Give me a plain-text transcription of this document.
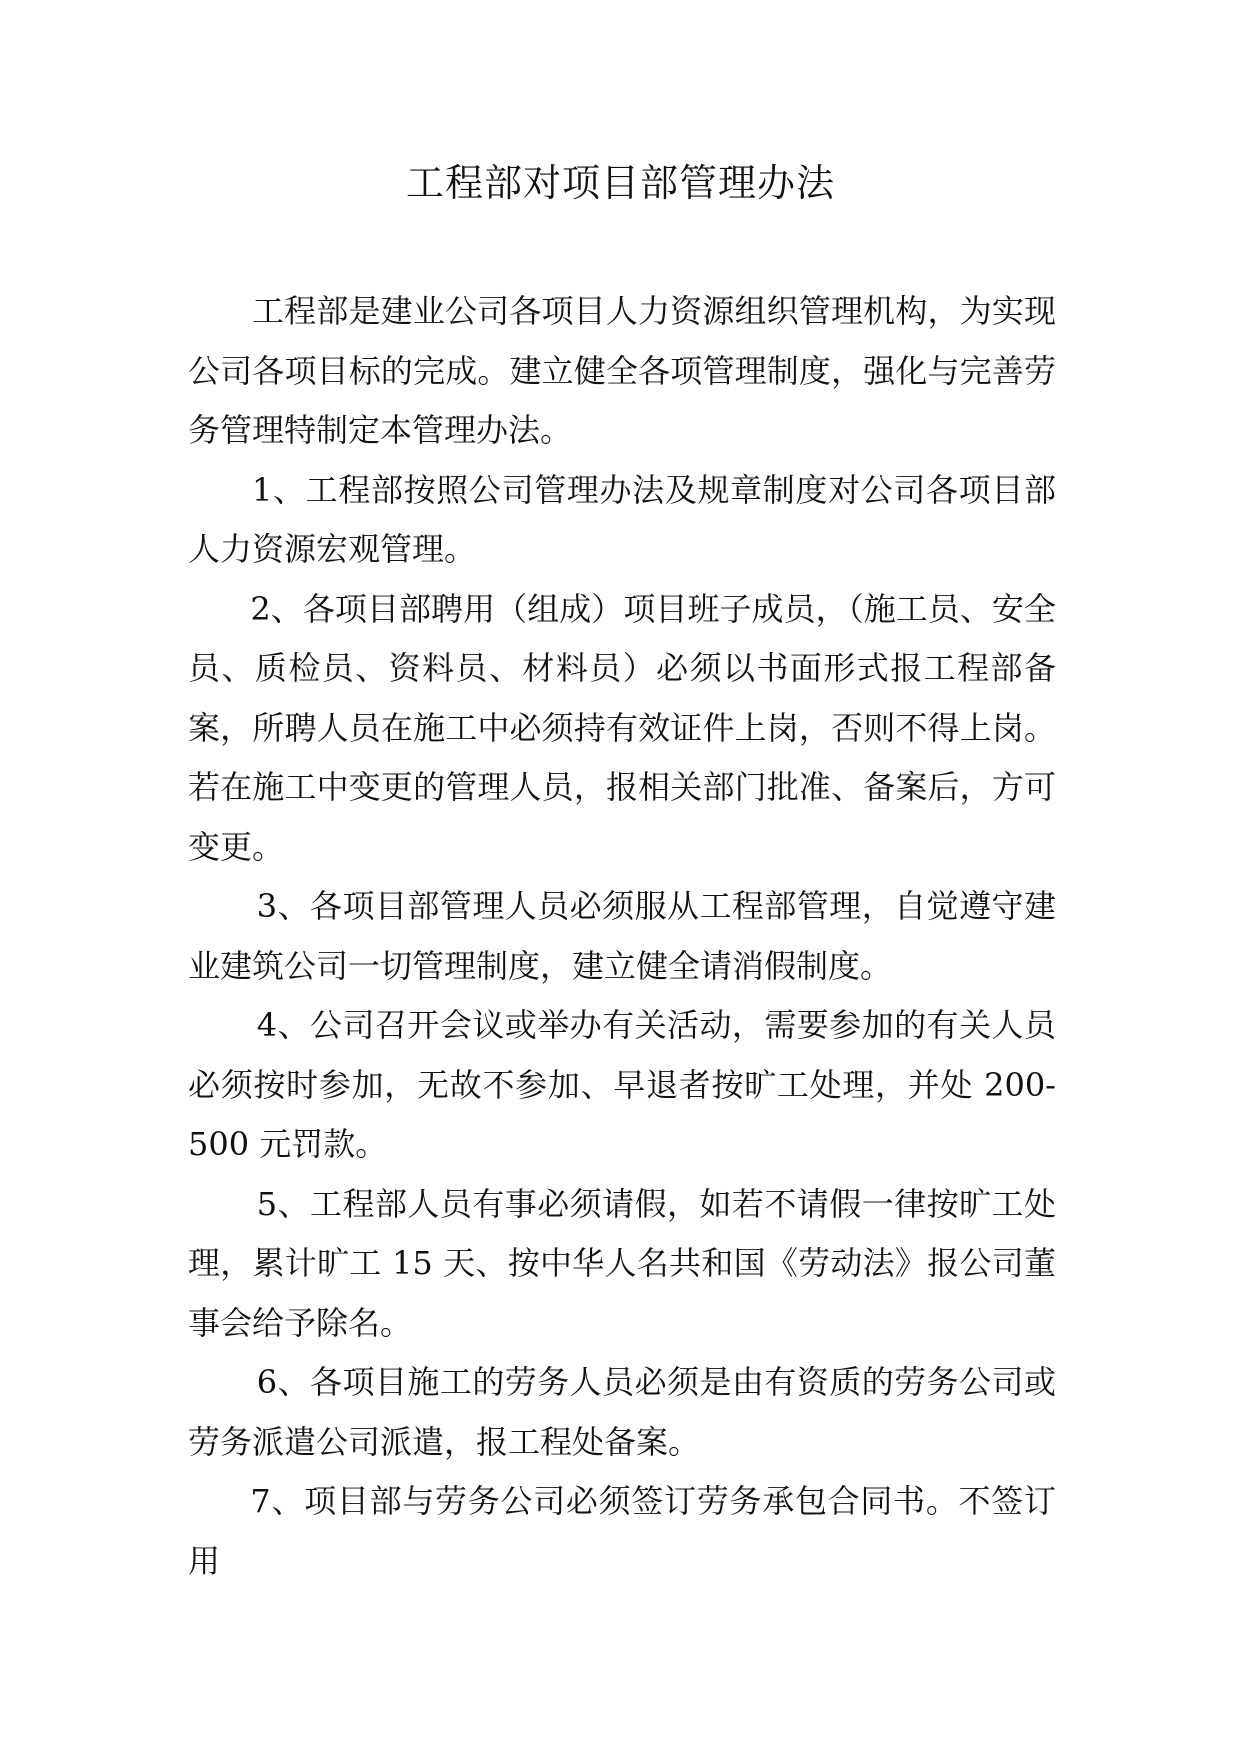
工程部对项目部管理办法

工程部是建业公司各项目人力资源组织管理机构，为实现公司各项目标的完成。建立健全各项管理制度，强化与完善劳务管理特制定本管理办法。

1、工程部按照公司管理办法及规章制度对公司各项目部人力资源宏观管理。

2、各项目部聘用（组成）项目班子成员，（施工员、安全员、质检员、资料员、材料员）必须以书面形式报工程部备案，所聘人员在施工中必须持有效证件上岗，否则不得上岗。若在施工中变更的管理人员，报相关部门批准、备案后，方可变更。

3、各项目部管理人员必须服从工程部管理，自觉遵守建业建筑公司一切管理制度，建立健全请消假制度。

4、公司召开会议或举办有关活动，需要参加的有关人员必须按时参加，无故不参加、早退者按旷工处理，并处 200-500 元罚款。

5、工程部人员有事必须请假，如若不请假一律按旷工处理，累计旷工 15 天、按中华人名共和国《劳动法》报公司董事会给予除名。

6、各项目施工的劳务人员必须是由有资质的劳务公司或劳务派遣公司派遣，报工程处备案。

7、项目部与劳务公司必须签订劳务承包合同书。不签订用
